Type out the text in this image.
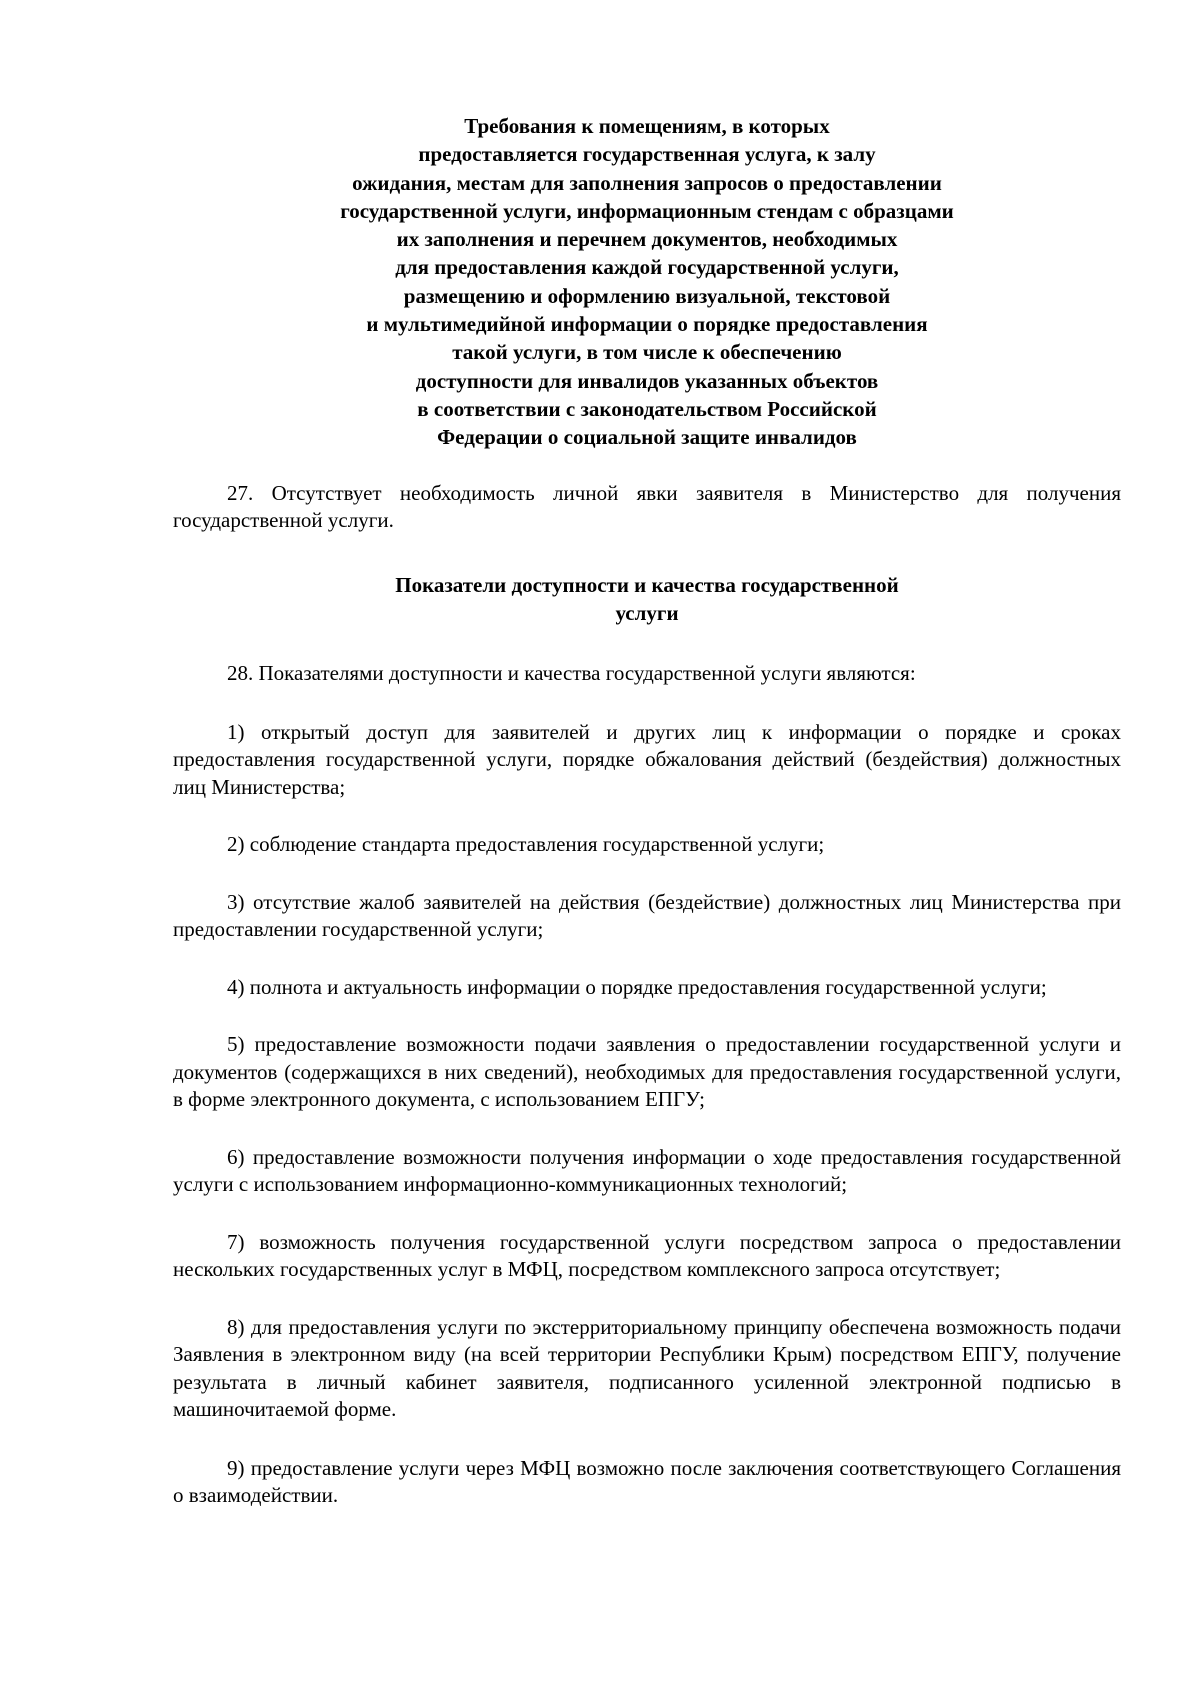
Требования к помещениям, в которых
предоставляется государственная услуга, к залу
ожидания, местам для заполнения запросов о предоставлении
государственной услуги, информационным стендам с образцами
их заполнения и перечнем документов, необходимых
для предоставления каждой государственной услуги,
размещению и оформлению визуальной, текстовой
и мультимедийной информации о порядке предоставления
такой услуги, в том числе к обеспечению
доступности для инвалидов указанных объектов
в соответствии с законодательством Российской
Федерации о социальной защите инвалидов

27. Отсутствует необходимость личной явки заявителя в Министерство для получения государственной услуги.

Показатели доступности и качества государственной
услуги

28. Показателями доступности и качества государственной услуги являются:

1) открытый доступ для заявителей и других лиц к информации о порядке и сроках предоставления государственной услуги, порядке обжалования действий (бездействия) должностных лиц Министерства;

2) соблюдение стандарта предоставления государственной услуги;

3) отсутствие жалоб заявителей на действия (бездействие) должностных лиц Министерства при предоставлении государственной услуги;

4) полнота и актуальность информации о порядке предоставления государственной услуги;

5) предоставление возможности подачи заявления о предоставлении государственной услуги и документов (содержащихся в них сведений), необходимых для предоставления государственной услуги, в форме электронного документа, с использованием ЕПГУ;

6) предоставление возможности получения информации о ходе предоставления государственной услуги с использованием информационно-коммуникационных технологий;

7) возможность получения государственной услуги посредством запроса о предоставлении нескольких государственных услуг в МФЦ, посредством комплексного запроса отсутствует;

8) для предоставления услуги по экстерриториальному принципу обеспечена возможность подачи Заявления в электронном виду (на всей территории Республики Крым) посредством ЕПГУ, получение результата в личный кабинет заявителя, подписанного усиленной электронной подписью в машиночитаемой форме.

9) предоставление услуги через МФЦ возможно после заключения соответствующего Соглашения о взаимодействии.
